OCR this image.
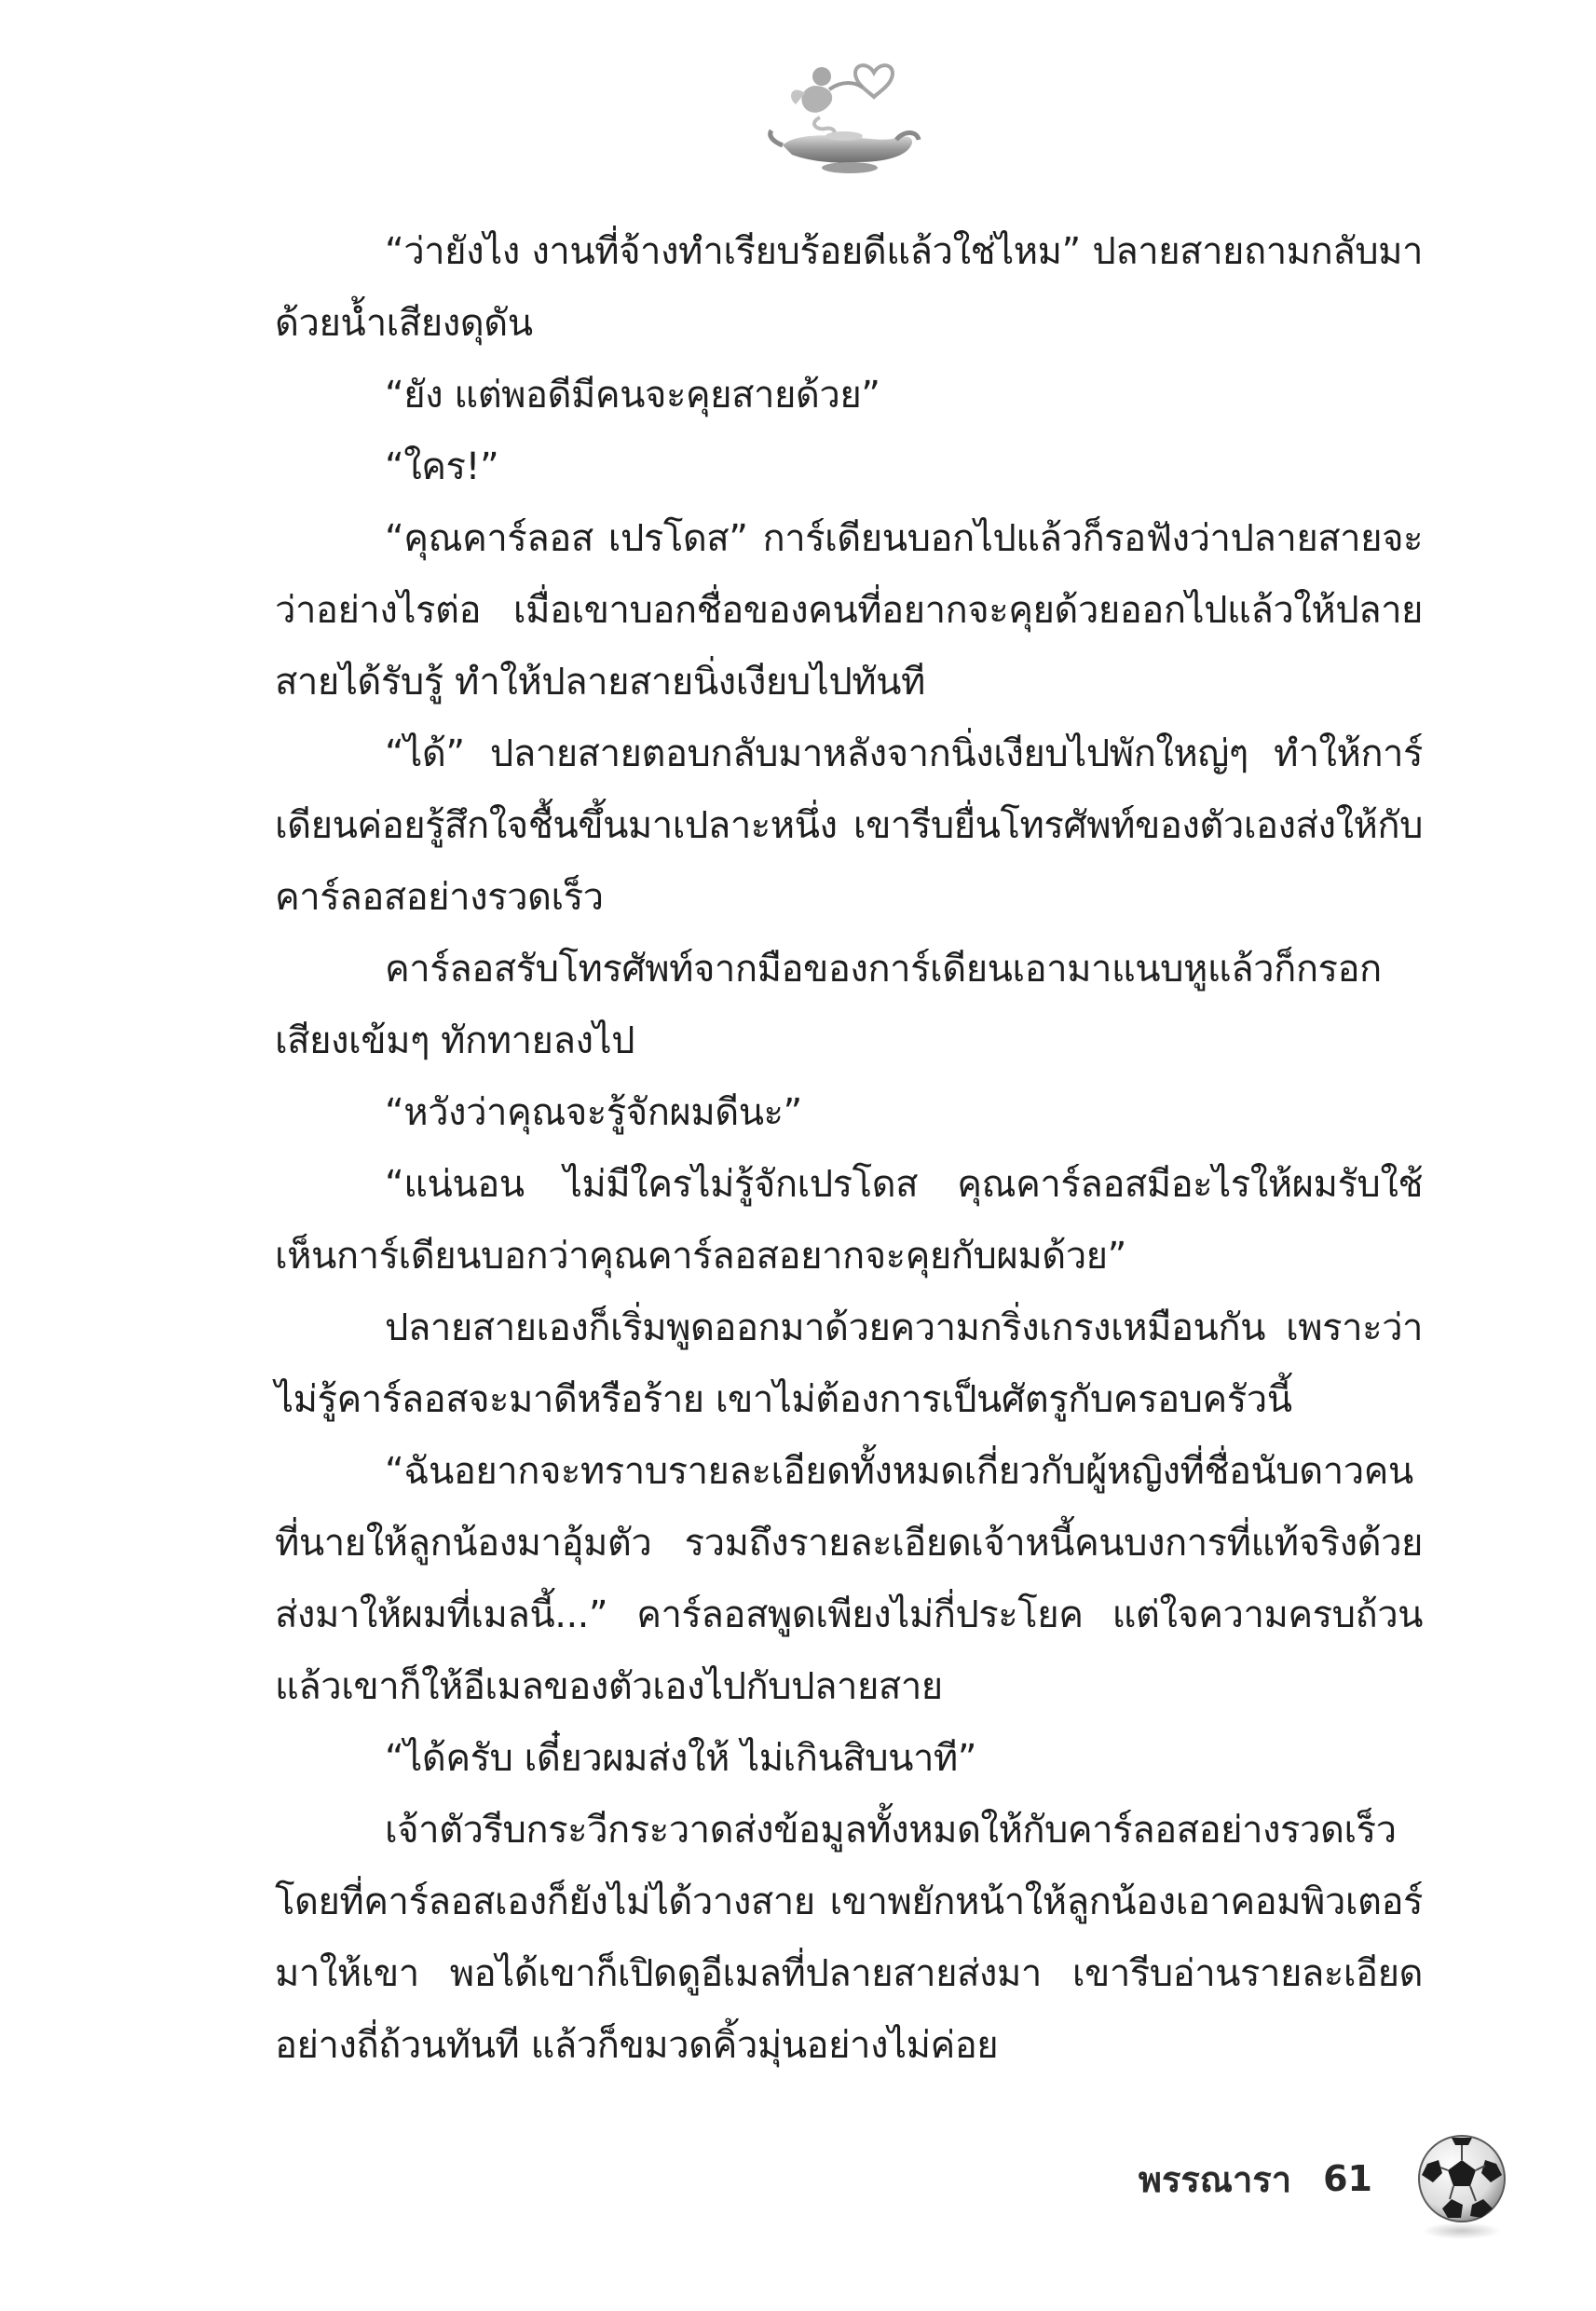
“ว่ายังไง งานที่จ้างทำเรียบร้อยดีแล้วใช่ไหม” ปลายสายถามกลับมาด้วยน้ำเสียงดุดัน

“ยัง แต่พอดีมีคนจะคุยสายด้วย”

“ใคร!”

“คุณคาร์ลอส เปรโดส” การ์เดียนบอกไปแล้วก็รอฟังว่าปลายสายจะว่าอย่างไรต่อ เมื่อเขาบอกชื่อของคนที่อยากจะคุยด้วยออกไปแล้วให้ปลายสายได้รับรู้ ทำให้ปลายสายนิ่งเงียบไปทันที

“ได้” ปลายสายตอบกลับมาหลังจากนิ่งเงียบไปพักใหญ่ๆ ทำให้การ์เดียนค่อยรู้สึกใจชื้นขึ้นมาเปลาะหนึ่ง เขารีบยื่นโทรศัพท์ของตัวเองส่งให้กับคาร์ลอสอย่างรวดเร็ว

คาร์ลอสรับโทรศัพท์จากมือของการ์เดียนเอามาแนบหูแล้วก็กรอกเสียงเข้มๆ ทักทายลงไป

“หวังว่าคุณจะรู้จักผมดีนะ”

“แน่นอน ไม่มีใครไม่รู้จักเปรโดส คุณคาร์ลอสมีอะไรให้ผมรับใช้เห็นการ์เดียนบอกว่าคุณคาร์ลอสอยากจะคุยกับผมด้วย”

ปลายสายเองก็เริ่มพูดออกมาด้วยความกริ่งเกรงเหมือนกัน เพราะว่าไม่รู้คาร์ลอสจะมาดีหรือร้าย เขาไม่ต้องการเป็นศัตรูกับครอบครัวนี้

“ฉันอยากจะทราบรายละเอียดทั้งหมดเกี่ยวกับผู้หญิงที่ชื่อนับดาวคนที่นายให้ลูกน้องมาอุ้มตัว รวมถึงรายละเอียดเจ้าหนี้คนบงการที่แท้จริงด้วย ส่งมาให้ผมที่เมลนี้...” คาร์ลอสพูดเพียงไม่กี่ประโยค แต่ใจความครบถ้วน แล้วเขาก็ให้อีเมลของตัวเองไปกับปลายสาย

“ได้ครับ เดี๋ยวผมส่งให้ ไม่เกินสิบนาที”

เจ้าตัวรีบกระวีกระวาดส่งข้อมูลทั้งหมดให้กับคาร์ลอสอย่างรวดเร็ว โดยที่คาร์ลอสเองก็ยังไม่ได้วางสาย เขาพยักหน้าให้ลูกน้องเอาคอมพิวเตอร์มาให้เขา พอได้เขาก็เปิดดูอีเมลที่ปลายสายส่งมา เขารีบอ่านรายละเอียดอย่างถี่ถ้วนทันที แล้วก็ขมวดคิ้วมุ่นอย่างไม่ค่อย

พรรณารา 61
